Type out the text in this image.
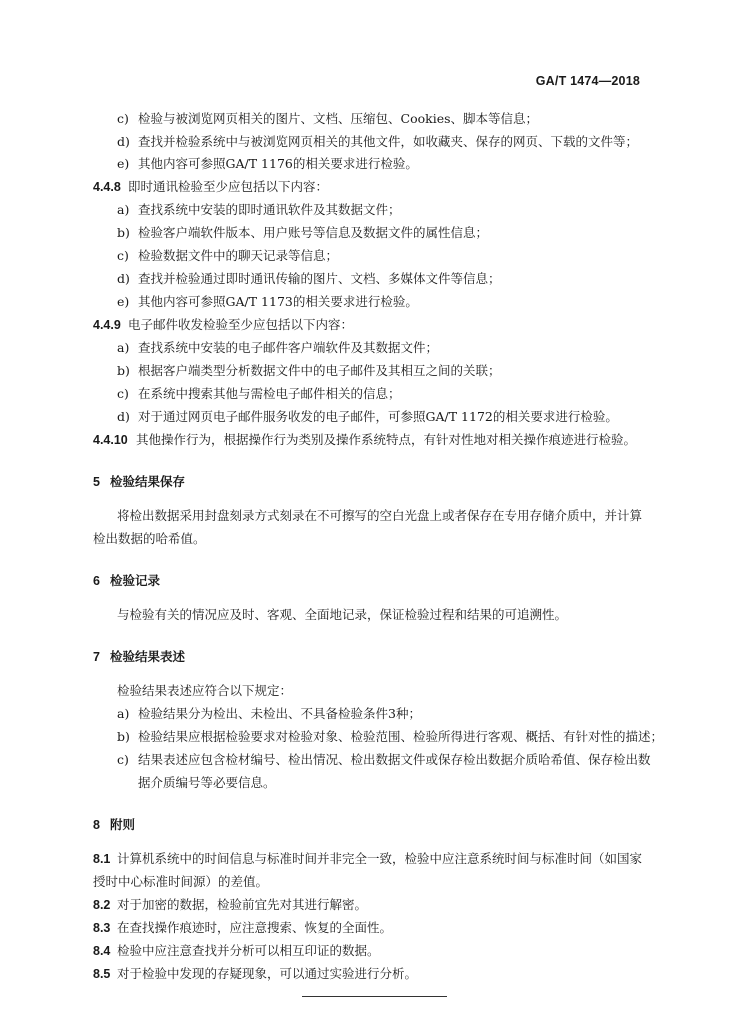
GA/T 1474—2018
c) 检验与被浏览网页相关的图片、文档、压缩包、Cookies、脚本等信息；
d) 查找并检验系统中与被浏览网页相关的其他文件，如收藏夹、保存的网页、下载的文件等；
e) 其他内容可参照GA/T 1176的相关要求进行检验。
4.4.8 即时通讯检验至少应包括以下内容：
a) 查找系统中安装的即时通讯软件及其数据文件；
b) 检验客户端软件版本、用户账号等信息及数据文件的属性信息；
c) 检验数据文件中的聊天记录等信息；
d) 查找并检验通过即时通讯传输的图片、文档、多媒体文件等信息；
e) 其他内容可参照GA/T 1173的相关要求进行检验。
4.4.9 电子邮件收发检验至少应包括以下内容：
a) 查找系统中安装的电子邮件客户端软件及其数据文件；
b) 根据客户端类型分析数据文件中的电子邮件及其相互之间的关联；
c) 在系统中搜索其他与需检电子邮件相关的信息；
d) 对于通过网页电子邮件服务收发的电子邮件，可参照GA/T 1172的相关要求进行检验。
4.4.10 其他操作行为，根据操作行为类别及操作系统特点，有针对性地对相关操作痕迹进行检验。
5 检验结果保存
将检出数据采用封盘刻录方式刻录在不可擦写的空白光盘上或者保存在专用存储介质中，并计算
检出数据的哈希值。
6 检验记录
与检验有关的情况应及时、客观、全面地记录，保证检验过程和结果的可追溯性。
7 检验结果表述
检验结果表述应符合以下规定：
a) 检验结果分为检出、未检出、不具备检验条件3种；
b) 检验结果应根据检验要求对检验对象、检验范围、检验所得进行客观、概括、有针对性的描述；
c) 结果表述应包含检材编号、检出情况、检出数据文件或保存检出数据介质哈希值、保存检出数
据介质编号等必要信息。
8 附则
8.1 计算机系统中的时间信息与标准时间并非完全一致，检验中应注意系统时间与标准时间（如国家
授时中心标准时间源）的差值。
8.2 对于加密的数据，检验前宜先对其进行解密。
8.3 在查找操作痕迹时，应注意搜索、恢复的全面性。
8.4 检验中应注意查找并分析可以相互印证的数据。
8.5 对于检验中发现的存疑现象，可以通过实验进行分析。
